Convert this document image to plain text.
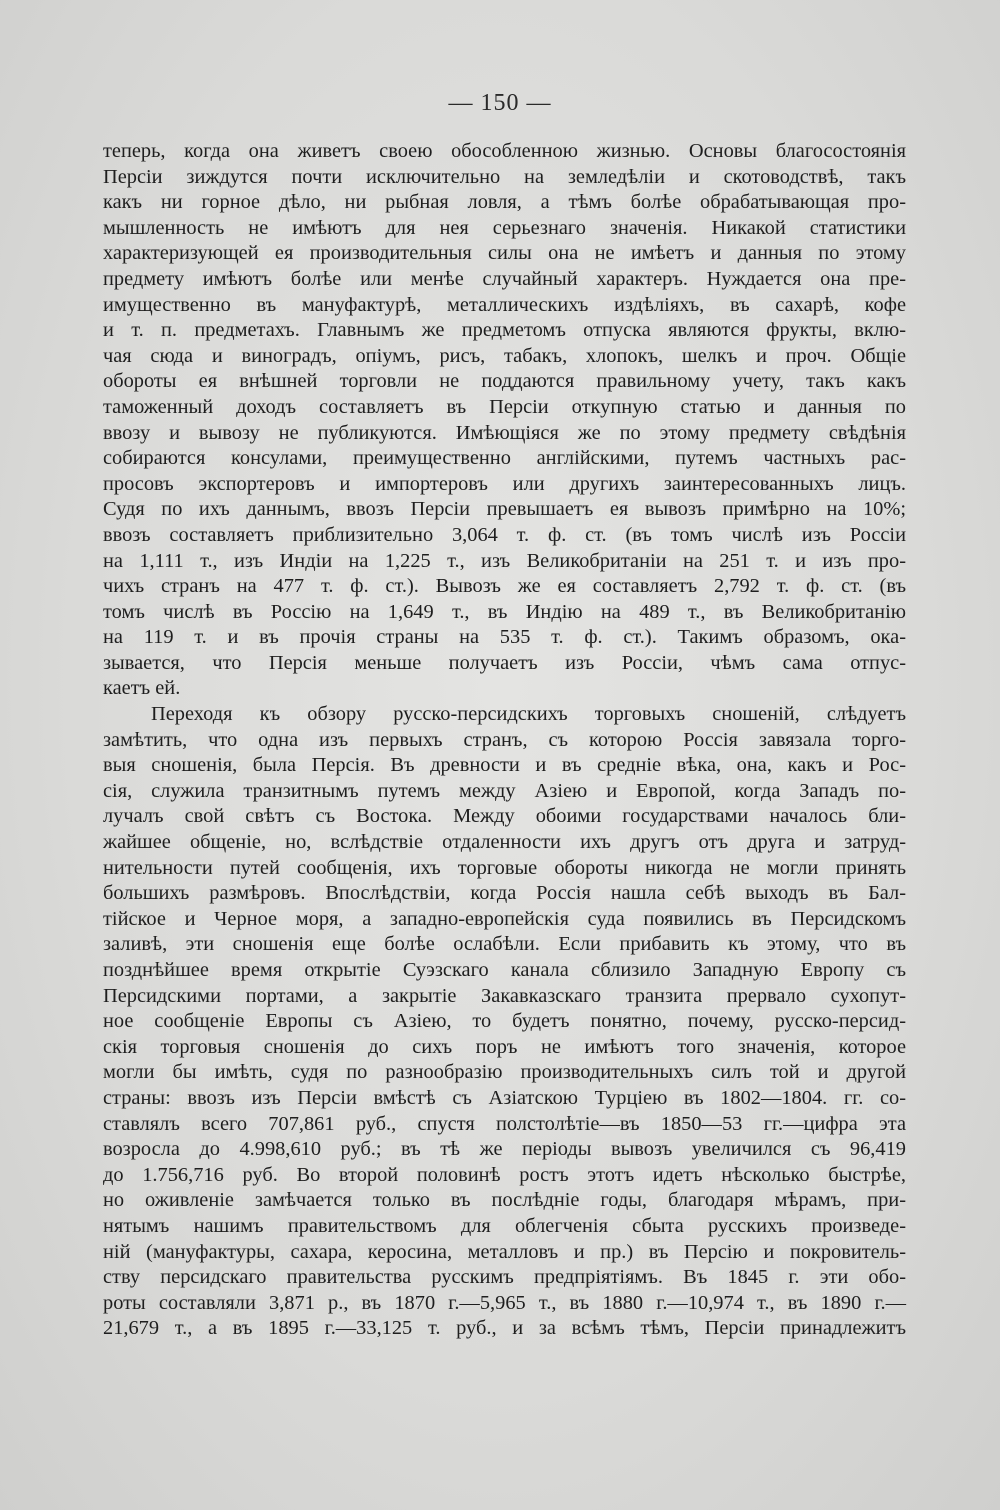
— 150 —
теперь, когда она живетъ своею обособленною жизнью. Основы благосостоянія
Персіи зиждутся почти исключительно на земледѣліи и скотоводствѣ, такъ
какъ ни горное дѣло, ни рыбная ловля, а тѣмъ болѣе обрабатывающая про-
мышленность не имѣютъ для нея серьезнаго значенія. Никакой статистики
характеризующей ея производительныя силы она не имѣетъ и данныя по этому
предмету имѣютъ болѣе или менѣе случайный характеръ. Нуждается она пре-
имущественно въ мануфактурѣ, металлическихъ издѣліяхъ, въ сахарѣ, кофе
и т. п. предметахъ. Главнымъ же предметомъ отпуска являются фрукты, вклю-
чая сюда и виноградъ, опіумъ, рисъ, табакъ, хлопокъ, шелкъ и проч. Общіе
обороты ея внѣшней торговли не поддаются правильному учету, такъ какъ
таможенный доходъ составляетъ въ Персіи откупную статью и данныя по
ввозу и вывозу не публикуются. Имѣющіяся же по этому предмету свѣдѣнія
собираются консулами, преимущественно англійскими, путемъ частныхъ рас-
просовъ экспортеровъ и импортеровъ или другихъ заинтересованныхъ лицъ.
Судя по ихъ даннымъ, ввозъ Персіи превышаетъ ея вывозъ примѣрно на 10%;
ввозъ составляетъ приблизительно 3,064 т. ф. ст. (въ томъ числѣ изъ Россіи
на 1,111 т., изъ Индіи на 1,225 т., изъ Великобританіи на 251 т. и изъ про-
чихъ странъ на 477 т. ф. ст.). Вывозъ же ея составляетъ 2,792 т. ф. ст. (въ
томъ числѣ въ Россію на 1,649 т., въ Индію на 489 т., въ Великобританію
на 119 т. и въ прочія страны на 535 т. ф. ст.). Такимъ образомъ, ока-
зывается, что Персія меньше получаетъ изъ Россіи, чѣмъ сама отпус-
каетъ ей.
Переходя къ обзору русско-персидскихъ торговыхъ сношеній, слѣдуетъ
замѣтить, что одна изъ первыхъ странъ, съ которою Россія завязала торго-
выя сношенія, была Персія. Въ древности и въ средніе вѣка, она, какъ и Рос-
сія, служила транзитнымъ путемъ между Азіею и Европой, когда Западъ по-
лучалъ свой свѣтъ съ Востока. Между обоими государствами началось бли-
жайшее общеніе, но, вслѣдствіе отдаленности ихъ другъ отъ друга и затруд-
нительности путей сообщенія, ихъ торговые обороты никогда не могли принять
большихъ размѣровъ. Впослѣдствіи, когда Россія нашла себѣ выходъ въ Бал-
тійское и Черное моря, а западно-европейскія суда появились въ Персидскомъ
заливѣ, эти сношенія еще болѣе ослабѣли. Если прибавить къ этому, что въ
позднѣйшее время открытіе Суэзскаго канала сблизило Западную Европу съ
Персидскими портами, а закрытіе Закавказскаго транзита прервало сухопут-
ное сообщеніе Европы съ Азіею, то будетъ понятно, почему, русско-персид-
скія торговыя сношенія до сихъ поръ не имѣютъ того значенія, которое
могли бы имѣть, судя по разнообразію производительныхъ силъ той и другой
страны: ввозъ изъ Персіи вмѣстѣ съ Азіатскою Турціею въ 1802—1804. гг. со-
ставлялъ всего 707,861 руб., спустя полстолѣтіе—въ 1850—53 гг.—цифра эта
возросла до 4.998,610 руб.; въ тѣ же періоды вывозъ увеличился съ 96,419
до 1.756,716 руб. Во второй половинѣ ростъ этотъ идетъ нѣсколько быстрѣе,
но оживленіе замѣчается только въ послѣдніе годы, благодаря мѣрамъ, при-
нятымъ нашимъ правительствомъ для облегченія сбыта русскихъ произведе-
ній (мануфактуры, сахара, керосина, металловъ и пр.) въ Персію и покровитель-
ству персидскаго правительства русскимъ предпріятіямъ. Въ 1845 г. эти обо-
роты составляли 3,871 р., въ 1870 г.—5,965 т., въ 1880 г.—10,974 т., въ 1890 г.—
21,679 т., а въ 1895 г.—33,125 т. руб., и за всѣмъ тѣмъ, Персіи принадлежитъ
